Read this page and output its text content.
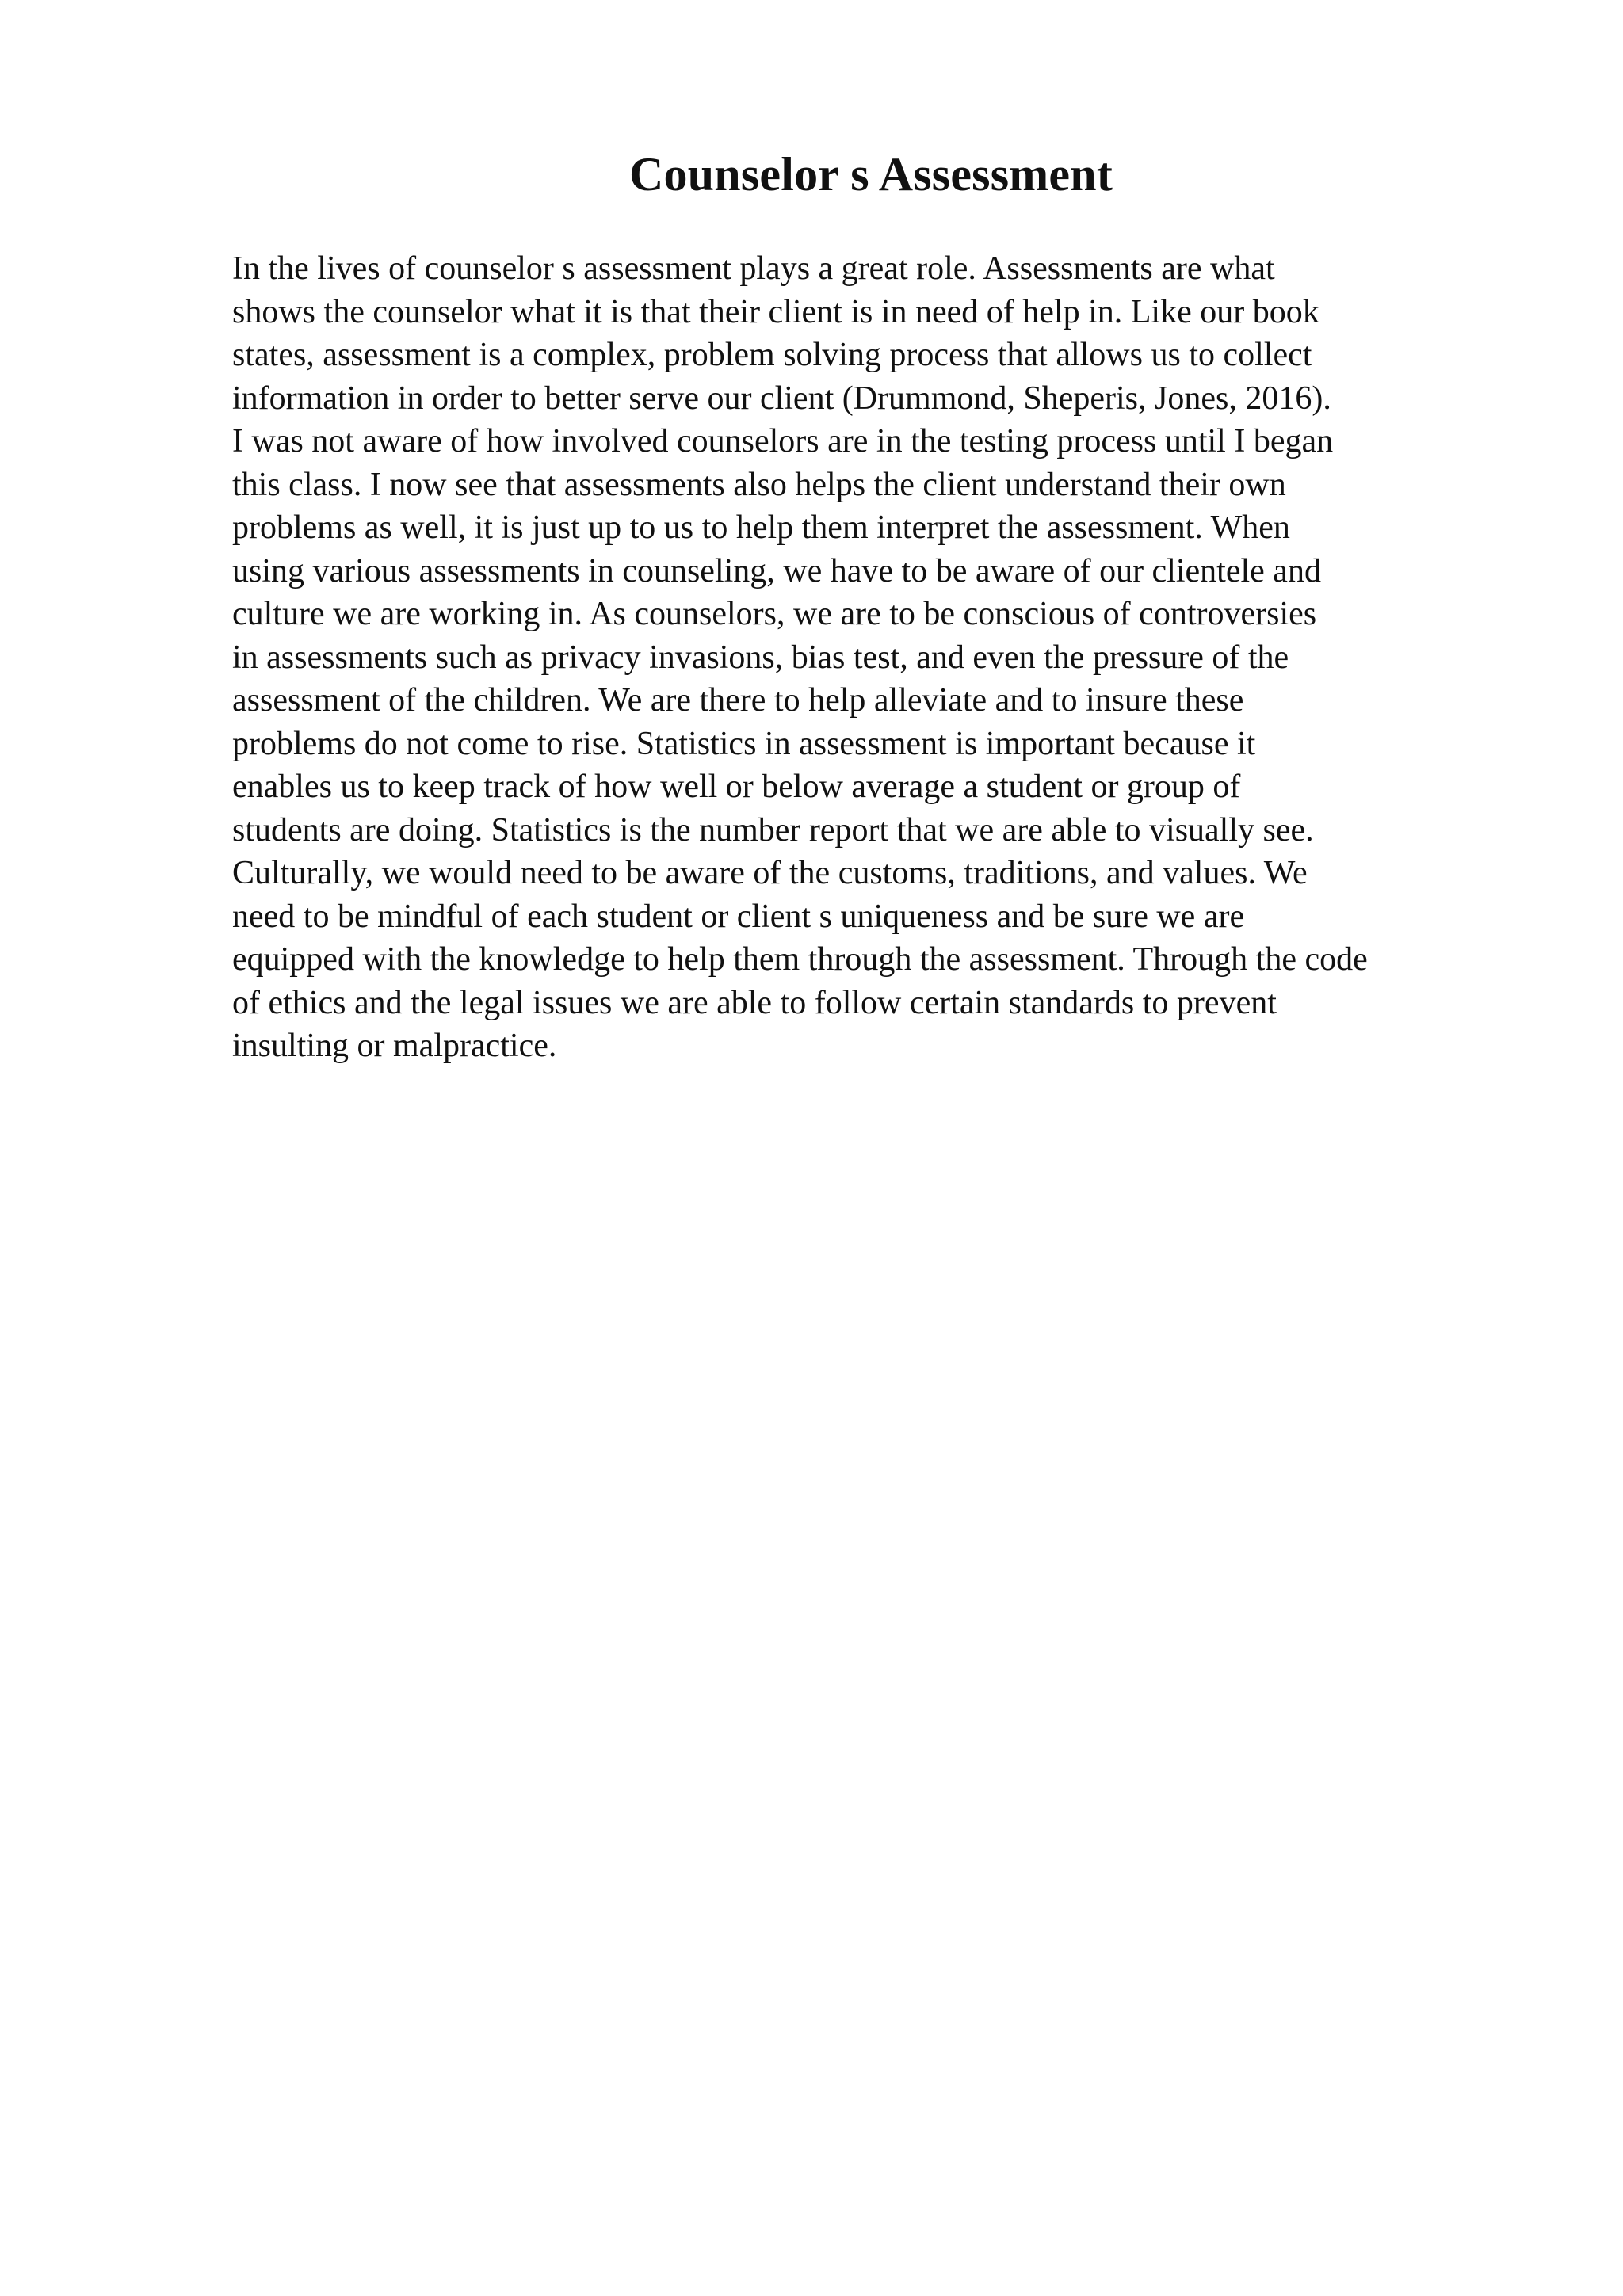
Counselor s Assessment
In the lives of counselor s assessment plays a great role. Assessments are what
shows the counselor what it is that their client is in need of help in. Like our book
states, assessment is a complex, problem solving process that allows us to collect
information in order to better serve our client (Drummond, Sheperis, Jones, 2016).
I was not aware of how involved counselors are in the testing process until I began
this class. I now see that assessments also helps the client understand their own
problems as well, it is just up to us to help them interpret the assessment. When
using various assessments in counseling, we have to be aware of our clientele and
culture we are working in. As counselors, we are to be conscious of controversies
in assessments such as privacy invasions, bias test, and even the pressure of the
assessment of the children. We are there to help alleviate and to insure these
problems do not come to rise. Statistics in assessment is important because it
enables us to keep track of how well or below average a student or group of
students are doing. Statistics is the number report that we are able to visually see.
Culturally, we would need to be aware of the customs, traditions, and values. We
need to be mindful of each student or client s uniqueness and be sure we are
equipped with the knowledge to help them through the assessment. Through the code
of ethics and the legal issues we are able to follow certain standards to prevent
insulting or malpractice.
